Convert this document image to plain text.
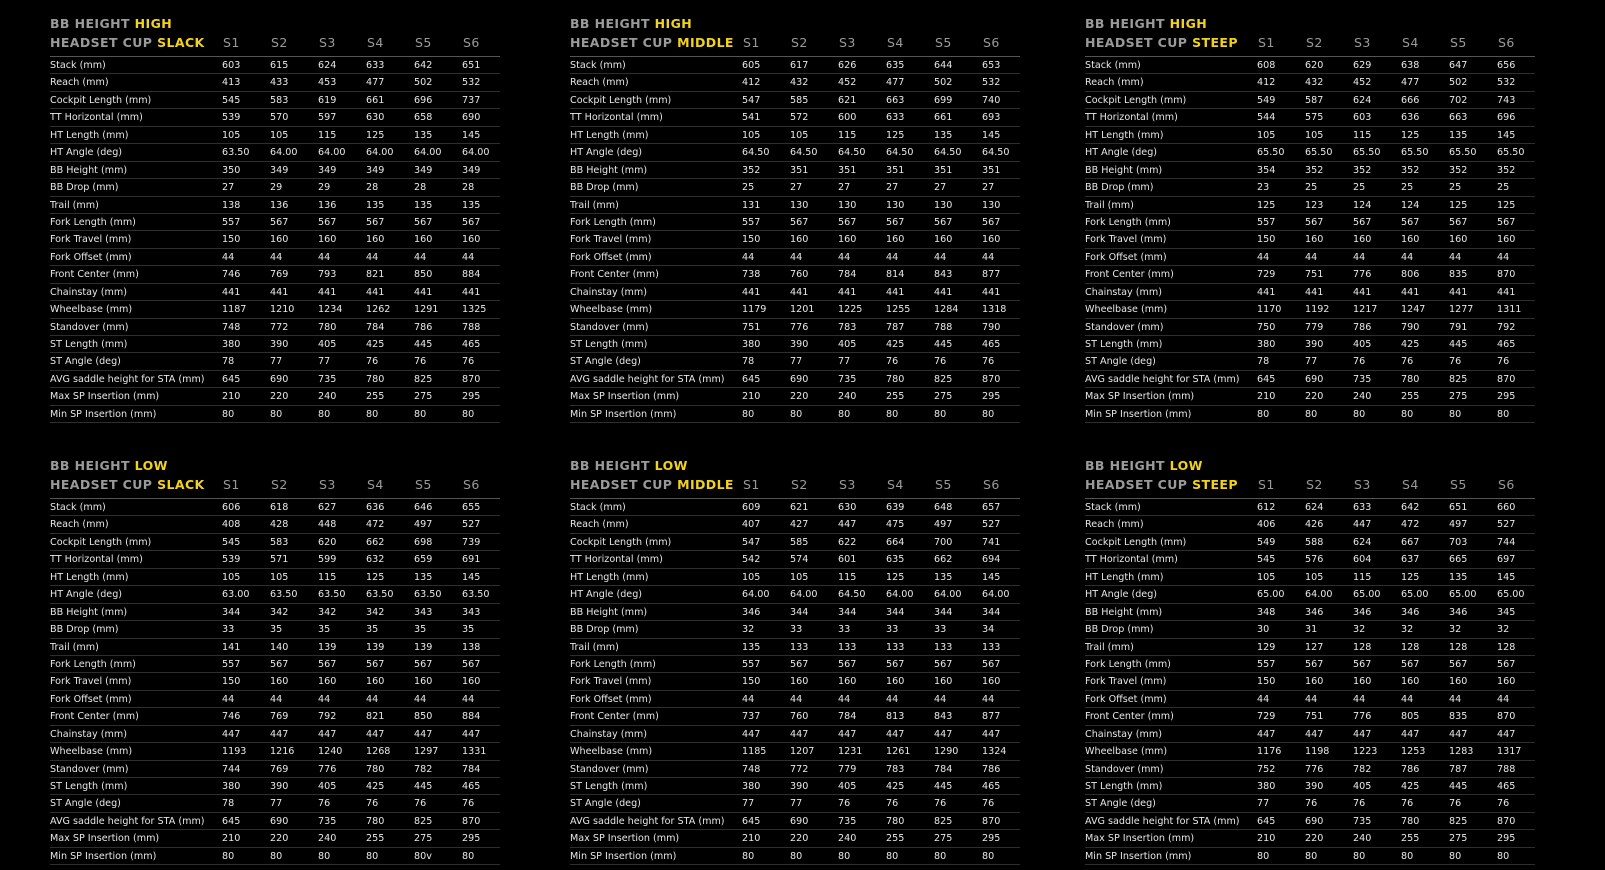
BB HEIGHT HIGH
HEADSET CUP SLACK S1	S2	S3	S4	S5	S6
Stack (mm)	603	615	624	633	642	651
Reach (mm)	413	433	453	477	502	532
Cockpit Length (mm)	545	583	619	661	696	737
TT Horizontal (mm)	539	570	597	630	658	690
HT Length (mm)	105	105	115	125	135	145
HT Angle (deg)	63.50	64.00	64.00	64.00	64.00	64.00
BB Height (mm)	350	349	349	349	349	349
BB Drop (mm)	27	29	29	28	28	28
Trail (mm)	138	136	136	135	135	135
Fork Length (mm)	557	567	567	567	567	567
Fork Travel (mm)	150	160	160	160	160	160
Fork Offset (mm)	44	44	44	44	44	44
Front Center (mm)	746	769	793	821	850	884
Chainstay (mm)	441	441	441	441	441	441
Wheelbase (mm)	1187	1210	1234	1262	1291	1325
Standover (mm)	748	772	780	784	786	788
ST Length (mm)	380	390	405	425	445	465
ST Angle (deg)	78	77	77	76	76	76
AVG saddle height for STA (mm) 645	690	735	780	825	870
Max SP Insertion (mm)	210	220	240	255	275	295
Min SP Insertion (mm)	80	80	80	80	80	80
BB HEIGHT HIGH
HEADSET CUP MIDDLE S1	S2	S3	S4	S5	S6
Stack (mm)	605	617	626	635	644	653
Reach (mm)	412	432	452	477	502	532
Cockpit Length (mm)	547	585	621	663	699	740
TT Horizontal (mm)	541	572	600	633	661	693
HT Length (mm)	105	105	115	125	135	145
HT Angle (deg)	64.50	64.50	64.50	64.50	64.50	64.50
BB Height (mm)	352	351	351	351	351	351
BB Drop (mm)	25	27	27	27	27	27
Trail (mm)	131	130	130	130	130	130
Fork Length (mm)	557	567	567	567	567	567
Fork Travel (mm)	150	160	160	160	160	160
Fork Offset (mm)	44	44	44	44	44	44
Front Center (mm)	738	760	784	814	843	877
Chainstay (mm)	441	441	441	441	441	441
Wheelbase (mm)	1179	1201	1225	1255	1284	1318
Standover (mm)	751	776	783	787	788	790
ST Length (mm)	380	390	405	425	445	465
ST Angle (deg)	78	77	77	76	76	76
AVG saddle height for STA (mm) 645	690	735	780	825	870
Max SP Insertion (mm)	210	220	240	255	275	295
Min SP Insertion (mm)	80	80	80	80	80	80
BB HEIGHT HIGH
HEADSET CUP STEEP S1	S2	S3	S4	S5	S6
Stack (mm)	608	620	629	638	647	656
Reach (mm)	412	432	452	477	502	532
Cockpit Length (mm)	549	587	624	666	702	743
TT Horizontal (mm)	544	575	603	636	663	696
HT Length (mm)	105	105	115	125	135	145
HT Angle (deg)	65.50	65.50	65.50	65.50	65.50	65.50
BB Height (mm)	354	352	352	352	352	352
BB Drop (mm)	23	25	25	25	25	25
Trail (mm)	125	123	124	124	125	125
Fork Length (mm)	557	567	567	567	567	567
Fork Travel (mm)	150	160	160	160	160	160
Fork Offset (mm)	44	44	44	44	44	44
Front Center (mm)	729	751	776	806	835	870
Chainstay (mm)	441	441	441	441	441	441
Wheelbase (mm)	1170	1192	1217	1247	1277	1311
Standover (mm)	750	779	786	790	791	792
ST Length (mm)	380	390	405	425	445	465
ST Angle (deg)	78	77	76	76	76	76
AVG saddle height for STA (mm) 645	690	735	780	825	870
Max SP Insertion (mm)	210	220	240	255	275	295
Min SP Insertion (mm)	80	80	80	80	80	80
BB HEIGHT LOW
HEADSET CUP SLACK S1	S2	S3	S4	S5	S6
Stack (mm)	606	618	627	636	646	655
Reach (mm)	408	428	448	472	497	527
Cockpit Length (mm)	545	583	620	662	698	739
TT Horizontal (mm)	539	571	599	632	659	691
HT Length (mm)	105	105	115	125	135	145
HT Angle (deg)	63.00	63.50	63.50	63.50	63.50	63.50
BB Height (mm)	344	342	342	342	343	343
BB Drop (mm)	33	35	35	35	35	35
Trail (mm)	141	140	139	139	139	138
Fork Length (mm)	557	567	567	567	567	567
Fork Travel (mm)	150	160	160	160	160	160
Fork Offset (mm)	44	44	44	44	44	44
Front Center (mm)	746	769	792	821	850	884
Chainstay (mm)	447	447	447	447	447	447
Wheelbase (mm)	1193	1216	1240	1268	1297	1331
Standover (mm)	744	769	776	780	782	784
ST Length (mm)	380	390	405	425	445	465
ST Angle (deg)	78	77	76	76	76	76
AVG saddle height for STA (mm) 645	690	735	780	825	870
Max SP Insertion (mm)	210	220	240	255	275	295
Min SP Insertion (mm)	80	80	80	80	80v	80
BB HEIGHT LOW
HEADSET CUP MIDDLE S1	S2	S3	S4	S5	S6
Stack (mm)	609	621	630	639	648	657
Reach (mm)	407	427	447	475	497	527
Cockpit Length (mm)	547	585	622	664	700	741
TT Horizontal (mm)	542	574	601	635	662	694
HT Length (mm)	105	105	115	125	135	145
HT Angle (deg)	64.00	64.00	64.50	64.00	64.00	64.00
BB Height (mm)	346	344	344	344	344	344
BB Drop (mm)	32	33	33	33	33	34
Trail (mm)	135	133	133	133	133	133
Fork Length (mm)	557	567	567	567	567	567
Fork Travel (mm)	150	160	160	160	160	160
Fork Offset (mm)	44	44	44	44	44	44
Front Center (mm)	737	760	784	813	843	877
Chainstay (mm)	447	447	447	447	447	447
Wheelbase (mm)	1185	1207	1231	1261	1290	1324
Standover (mm)	748	772	779	783	784	786
ST Length (mm)	380	390	405	425	445	465
ST Angle (deg)	77	77	76	76	76	76
AVG saddle height for STA (mm) 645	690	735	780	825	870
Max SP Insertion (mm)	210	220	240	255	275	295
Min SP Insertion (mm)	80	80	80	80	80	80
BB HEIGHT LOW
HEADSET CUP STEEP S1	S2	S3	S4	S5	S6
Stack (mm)	612	624	633	642	651	660
Reach (mm)	406	426	447	472	497	527
Cockpit Length (mm)	549	588	624	667	703	744
TT Horizontal (mm)	545	576	604	637	665	697
HT Length (mm)	105	105	115	125	135	145
HT Angle (deg)	65.00	64.00	65.00	65.00	65.00	65.00
BB Height (mm)	348	346	346	346	346	345
BB Drop (mm)	30	31	32	32	32	32
Trail (mm)	129	127	128	128	128	128
Fork Length (mm)	557	567	567	567	567	567
Fork Travel (mm)	150	160	160	160	160	160
Fork Offset (mm)	44	44	44	44	44	44
Front Center (mm)	729	751	776	805	835	870
Chainstay (mm)	447	447	447	447	447	447
Wheelbase (mm)	1176	1198	1223	1253	1283	1317
Standover (mm)	752	776	782	786	787	788
ST Length (mm)	380	390	405	425	445	465
ST Angle (deg)	77	76	76	76	76	76
AVG saddle height for STA (mm) 645	690	735	780	825	870
Max SP Insertion (mm)	210	220	240	255	275	295
Min SP Insertion (mm)	80	80	80	80	80	80
